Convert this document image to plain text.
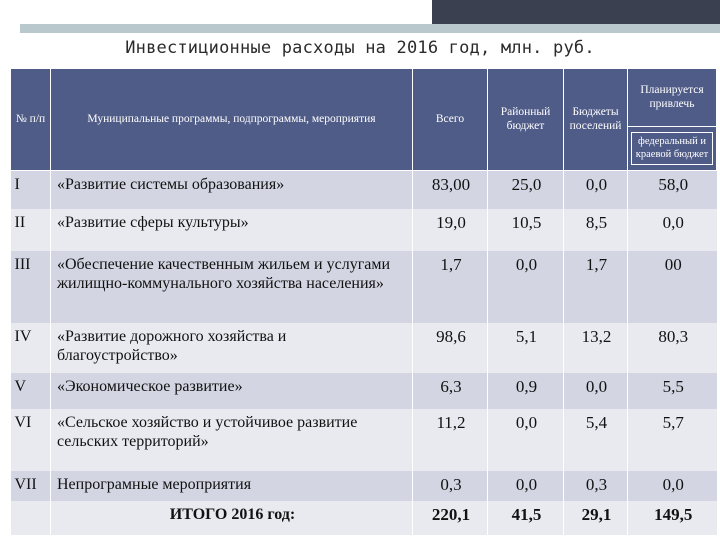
Инвестиционные расходы на 2016 год, млн. руб.
№ п/п	Муниципальные программы, подпрограммы, мероприятия	Всего	Районный бюджет	Бюджеты поселений	Планируется привлечь

					федеральный и краевой бюджет

I	«Развитие системы образования»	83,00	25,0	0,0	58,0
II	«Развитие сферы культуры»	19,0	10,5	8,5	0,0
III	«Обеспечение качественным жильем и услугами жилищно-коммунального хозяйства населения»	1,7	0,0	1,7	00
IV	«Развитие дорожного хозяйства и благоустройство»	98,6	5,1	13,2	80,3
V	«Экономическое развитие»	6,3	0,9	0,0	5,5
VI	«Сельское хозяйство и устойчивое развитие сельских территорий»	11,2	0,0	5,4	5,7
VII	Непрограмные мероприятия	0,3	0,0	0,3	0,0
	ИТОГО 2016 год:	220,1	41,5	29,1	149,5
